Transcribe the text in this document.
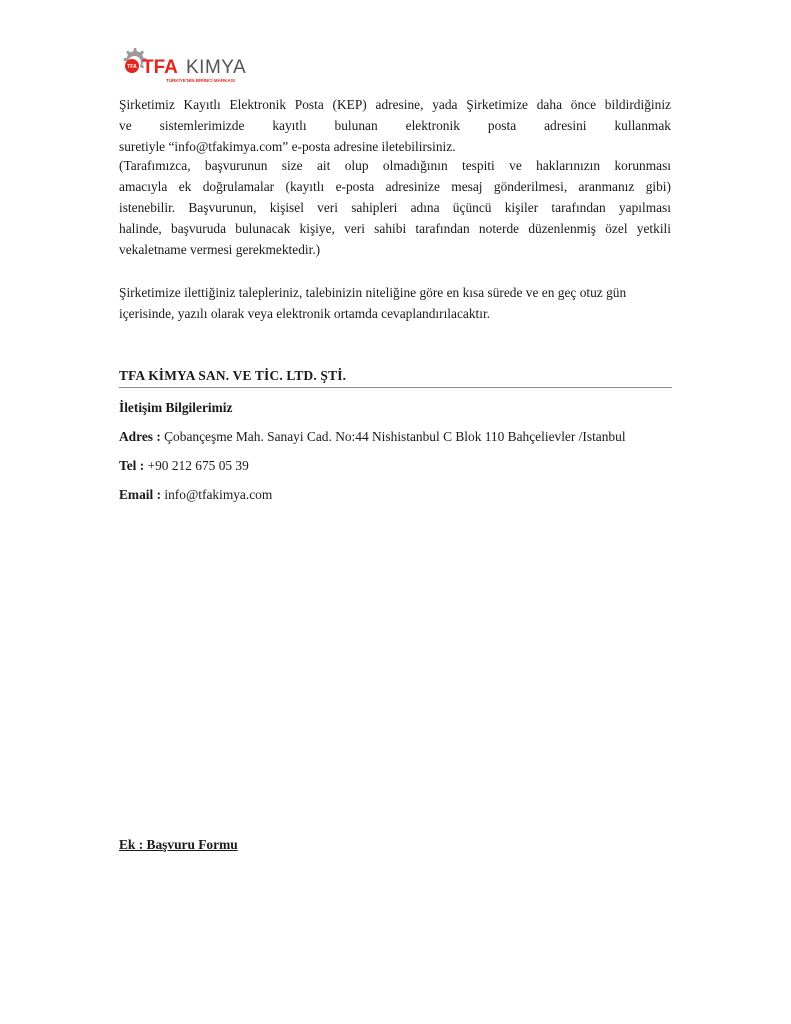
TFA TFA KIMYA
TÜRKİYE'NİN BİRİNCİ MARKASI
Şirketimiz Kayıtlı Elektronik Posta (KEP) adresine, yada Şirketimize daha önce bildirdiğiniz
ve sistemlerimizde kayıtlı bulunan elektronik posta adresini kullanmak
suretiyle “info@tfakimya.com” e-posta adresine iletebilirsiniz.
(Tarafımızca, başvurunun size ait olup olmadığının tespiti ve haklarınızın korunması
amacıyla ek doğrulamalar (kayıtlı e-posta adresinize mesaj gönderilmesi, aranmanız gibi)
istenebilir. Başvurunun, kişisel veri sahipleri adına üçüncü kişiler tarafından yapılması
halinde, başvuruda bulunacak kişiye, veri sahibi tarafından noterde düzenlenmiş özel yetkili
vekaletname vermesi gerekmektedir.)
Şirketimize ilettiğiniz talepleriniz, talebinizin niteliğine göre en kısa sürede ve en geç otuz gün
içerisinde, yazılı olarak veya elektronik ortamda cevaplandırılacaktır.
TFA KİMYA SAN. VE TİC. LTD. ŞTİ.
İletişim Bilgilerimiz
Adres : Çobançeşme Mah. Sanayi Cad. No:44 Nishistanbul C Blok 110 Bahçelievler /Istanbul
Tel : +90 212 675 05 39
Email : info@tfakimya.com
Ek : Başvuru Formu
